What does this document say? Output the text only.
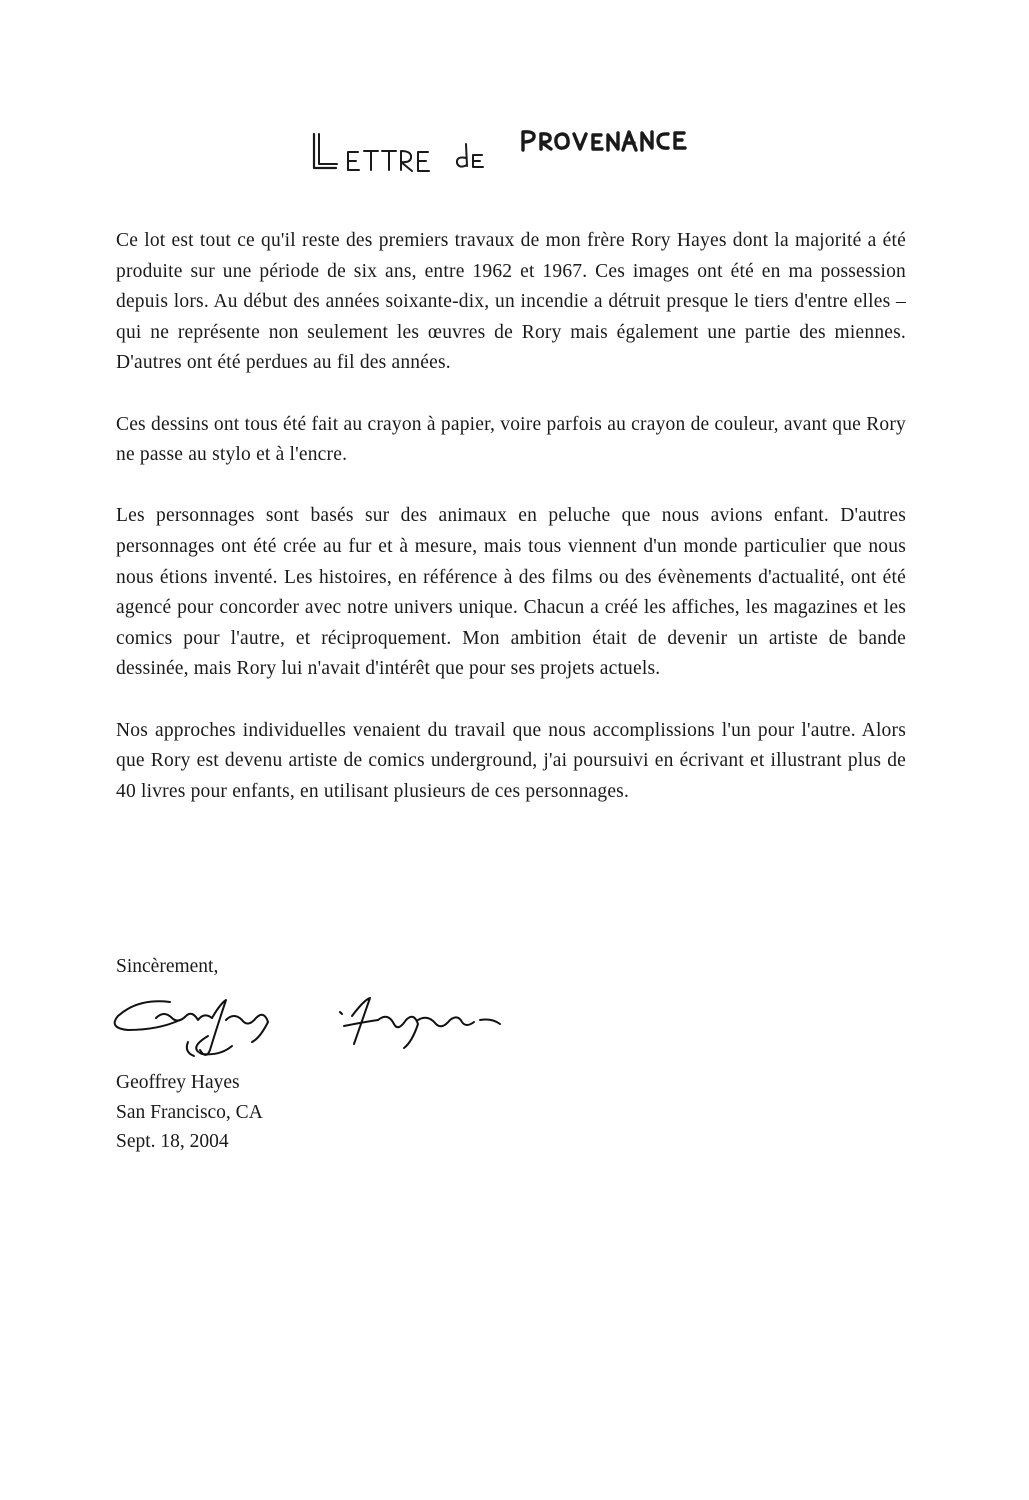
Ce lot est tout ce qu'il reste des premiers travaux de mon frère Rory Hayes dont la majorité a été produite sur une période de six ans, entre 1962 et 1967. Ces images ont été en ma possession depuis lors. Au début des années soixante-dix, un incendie a détruit presque le tiers d'entre elles – qui ne représente non seulement les œuvres de Rory mais également une partie des miennes. D'autres ont été perdues au fil des années.

Ces dessins ont tous été fait au crayon à papier, voire parfois au crayon de couleur, avant que Rory ne passe au stylo et à l'encre.

Les personnages sont basés sur des animaux en peluche que nous avions enfant. D'autres personnages ont été crée au fur et à mesure, mais tous viennent d'un monde particulier que nous nous étions inventé. Les histoires, en référence à des films ou des évènements d'actualité, ont été agencé pour concorder avec notre univers unique. Chacun a créé les affiches, les magazines et les comics pour l'autre, et réciproquement. Mon ambition était de devenir un artiste de bande dessinée, mais Rory lui n'avait d'intérêt que pour ses projets actuels.

Nos approches individuelles venaient du travail que nous accomplissions l'un pour l'autre. Alors que Rory est devenu artiste de comics underground, j'ai poursuivi en écrivant et illustrant plus de 40 livres pour enfants, en utilisant plusieurs de ces personnages.

Sincèrement,
Geoffrey Hayes
San Francisco, CA
Sept. 18, 2004
